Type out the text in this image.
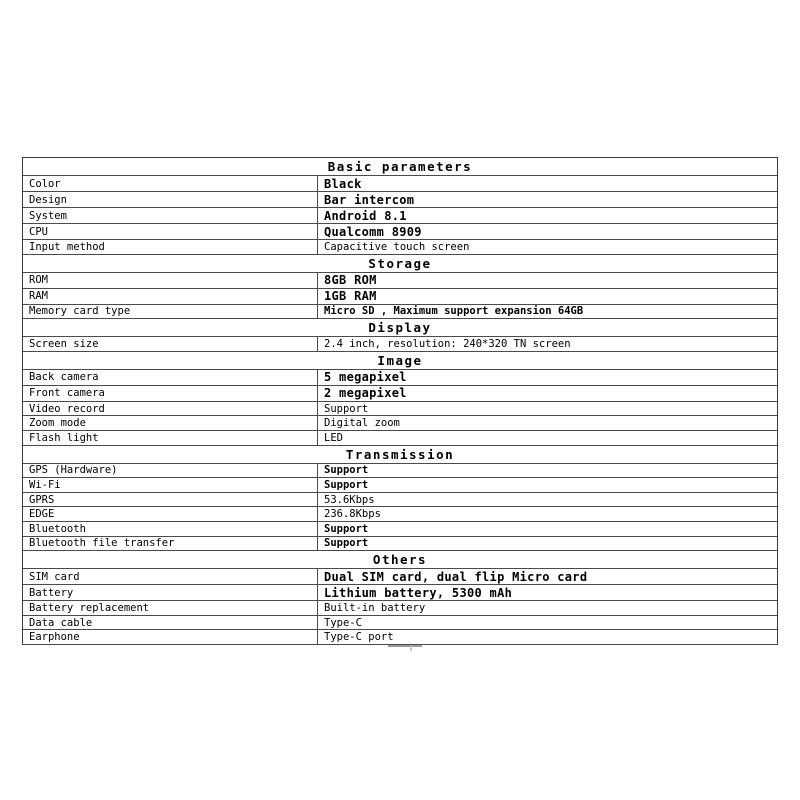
Basic parameters
Color	Black
Design	Bar intercom
System	Android 8.1
CPU	Qualcomm 8909
Input method	Capacitive touch screen
Storage
ROM	8GB ROM
RAM	1GB RAM
Memory card type	Micro SD , Maximum support expansion 64GB
Display
Screen size	2.4 inch, resolution: 240*320 TN screen
Image
Back camera	5 megapixel
Front camera	2 megapixel
Video record	Support
Zoom mode	Digital zoom
Flash light	LED
Transmission
GPS (Hardware)	Support
Wi-Fi	Support
GPRS	53.6Kbps
EDGE	236.8Kbps
Bluetooth	Support
Bluetooth file transfer	Support
Others
SIM card	Dual SIM card, dual flip Micro card
Battery	Lithium battery, 5300 mAh
Battery replacement	Built-in battery
Data cable	Type-C
Earphone	Type-C port
